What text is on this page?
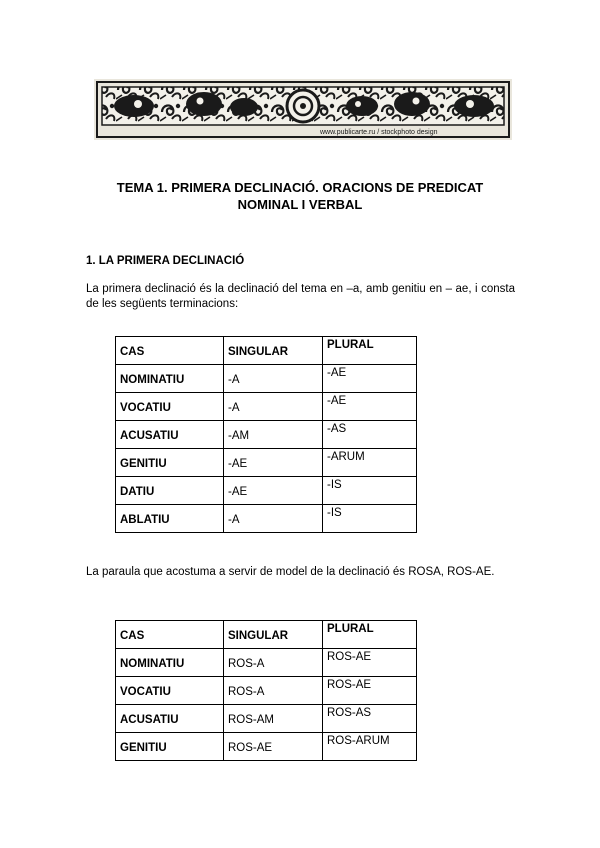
www.publicarte.ru / stockphoto design
TEMA 1. PRIMERA DECLINACIÓ. ORACIONS DE PREDICAT
NOMINAL I VERBAL
1. LA PRIMERA DECLINACIÓ
La primera declinació és la declinació del tema en –a, amb genitiu en – ae, i consta de les següents terminacions:
CAS	SINGULAR	PLURAL
NOMINATIU	-A	-AE
VOCATIU	-A	-AE
ACUSATIU	-AM	-AS
GENITIU	-AE	-ARUM
DATIU	-AE	-IS
ABLATIU	-A	-IS
La paraula que acostuma a servir de model de la declinació és ROSA, ROS-AE.
CAS	SINGULAR	PLURAL
NOMINATIU	ROS-A	ROS-AE
VOCATIU	ROS-A	ROS-AE
ACUSATIU	ROS-AM	ROS-AS
GENITIU	ROS-AE	ROS-ARUM
